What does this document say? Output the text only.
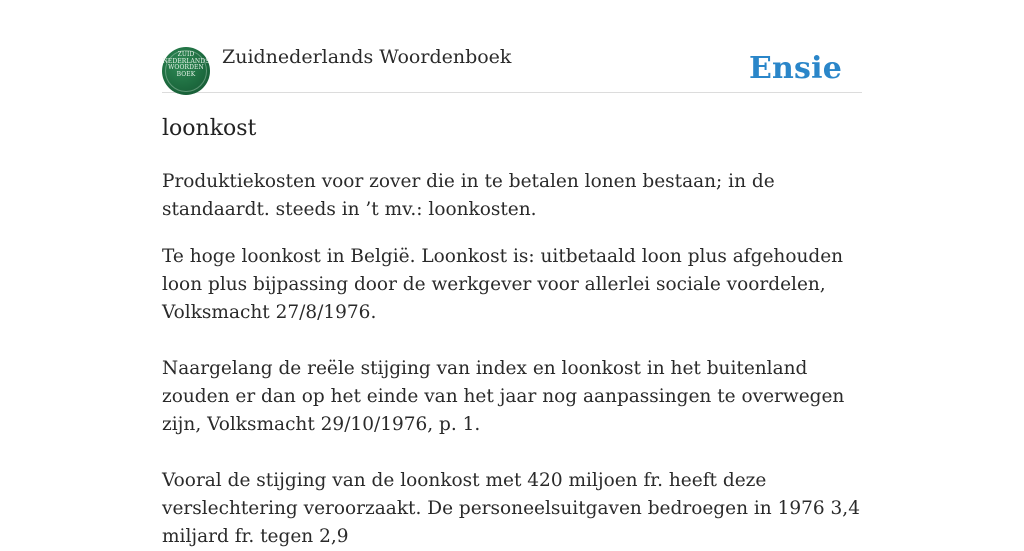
ZUID
NEDERLANDS
WOORDEN
BOEK
Zuidnederlands Woordenboek	Ensie
loonkost
Produktiekosten voor zover die in te betalen lonen bestaan; in de standaardt. steeds in ’t mv.: loonkosten.
Te hoge loonkost in België. Loonkost is: uitbetaald loon plus afgehouden loon plus bijpassing door de werkgever voor allerlei sociale voordelen, Volksmacht 27/8/1976.
Naargelang de reële stijging van index en loonkost in het buitenland zouden er dan op het einde van het jaar nog aanpassingen te overwegen zijn, Volksmacht 29/10/1976, p. 1.
Vooral de stijging van de loonkost met 420 miljoen fr. heeft deze verslechtering veroorzaakt. De personeelsuitgaven bedroegen in 1976 3,4 miljard fr. tegen 2,9
